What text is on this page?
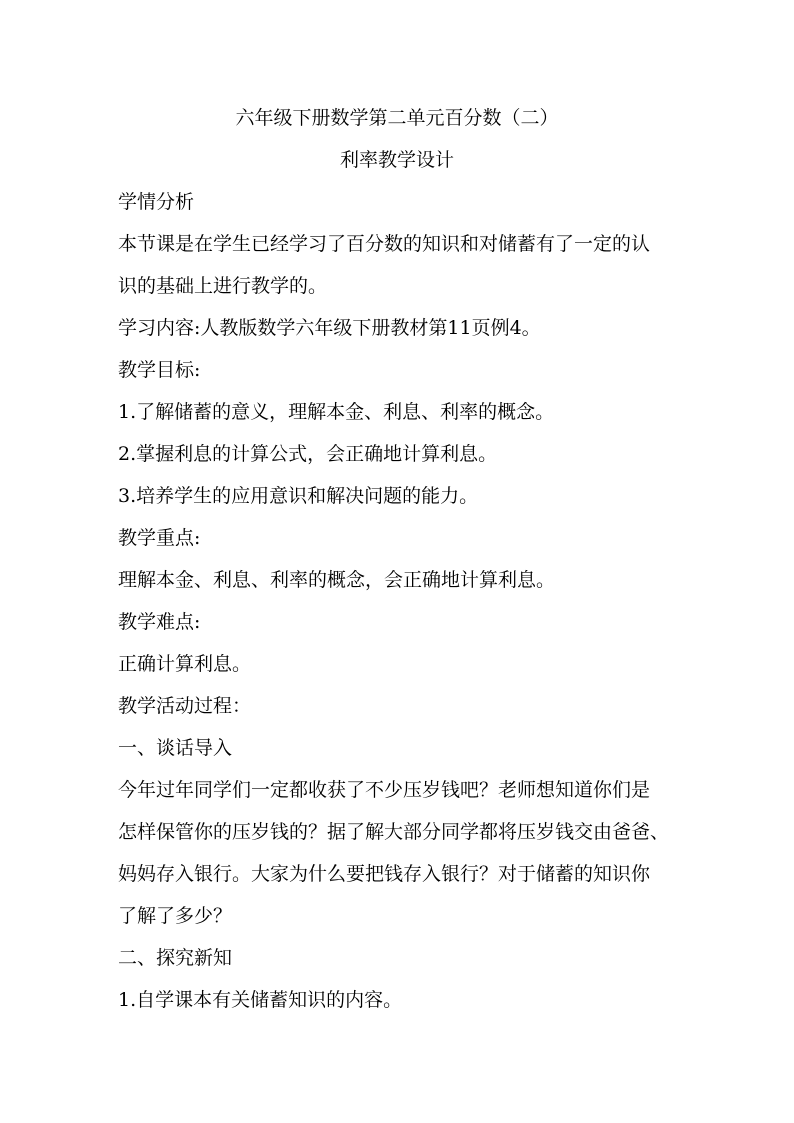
六年级下册数学第二单元百分数（二）
利率教学设计
学情分析
本节课是在学生已经学习了百分数的知识和对储蓄有了一定的认
识的基础上进行教学的。
学习内容:人教版数学六年级下册教材第11页例4。
教学目标:
1.了解储蓄的意义，理解本金、利息、利率的概念。
2.掌握利息的计算公式，会正确地计算利息。
3.培养学生的应用意识和解决问题的能力。
教学重点:
理解本金、利息、利率的概念，会正确地计算利息。
教学难点:
正确计算利息。
教学活动过程：
一、谈话导入
今年过年同学们一定都收获了不少压岁钱吧？老师想知道你们是
怎样保管你的压岁钱的？据了解大部分同学都将压岁钱交由爸爸、
妈妈存入银行。大家为什么要把钱存入银行？对于储蓄的知识你
了解了多少？
二、探究新知
1.自学课本有关储蓄知识的内容。
